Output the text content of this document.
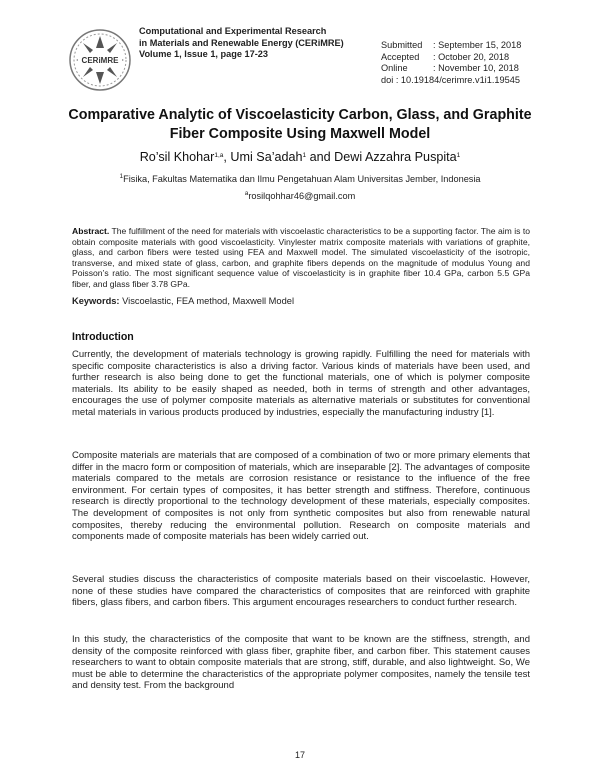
CERiMRE
Computational and Experimental Research
in Materials and Renewable Energy (CERiMRE)
Volume 1, Issue 1, page 17-23
Submitted	: September 15, 2018
Accepted	: October 20, 2018
Online	: November 10, 2018
doi : 10.19184/cerimre.v1i1.19545
Comparative Analytic of Viscoelasticity Carbon, Glass, and Graphite
Fiber Composite Using Maxwell Model
Ro’sil Khohar$^{1,a}$, Umi Sa’adah$^1$ and Dewi Azzahra Puspita$^1$
$^1$Fisika, Fakultas Matematika dan Ilmu Pengetahuan Alam Universitas Jember, Indonesia
$^a$rosilqohhar46@gmail.com
Abstract. The fulfillment of the need for materials with viscoelastic characteristics to be a supporting factor. The aim is to obtain composite materials with good viscoelasticity. Vinylester matrix composite materials with variations of graphite, glass, and carbon fibers were tested using FEA and Maxwell model. The simulated viscoelasticity of the isotropic, transverse, and mixed state of glass, carbon, and graphite fibers depends on the magnitude of modulus Young and Poisson’s ratio. The most significant sequence value of viscoelasticity is in graphite fiber 10.4 GPa, carbon 5.5 GPa fiber, and glass fiber 3.78 GPa.
Keywords: Viscoelastic, FEA method, Maxwell Model
Introduction

Currently, the development of materials technology is growing rapidly. Fulfilling the need for materials with specific composite characteristics is also a driving factor. Various kinds of materials have been used, and further research is also being done to get the functional materials, one of which is polymer composite materials. Its ability to be easily shaped as needed, both in terms of strength and other advantages, encourages the use of polymer composite materials as alternative materials or substitutes for conventional metal materials in various products produced by industries, especially the manufacturing industry [1].

Composite materials are materials that are composed of a combination of two or more primary elements that differ in the macro form or composition of materials, which are inseparable [2]. The advantages of composite materials compared to the metals are corrosion resistance or resistance to the influence of the free environment. For certain types of composites, it has better strength and stiffness. Therefore, continuous research is directly proportional to the technology development of these materials, especially composites. The development of composites is not only from synthetic composites but also from renewable natural composites, thereby reducing the environmental pollution. Research on composite materials and components made of composite materials has been widely carried out.

Several studies discuss the characteristics of composite materials based on their viscoelastic. However, none of these studies have compared the characteristics of composites that are reinforced with graphite fibers, glass fibers, and carbon fibers. This argument encourages researchers to conduct further research.

In this study, the characteristics of the composite that want to be known are the stiffness, strength, and density of the composite reinforced with glass fiber, graphite fiber, and carbon fiber. This statement causes researchers to want to obtain composite materials that are strong, stiff, durable, and also lightweight. So, We must be able to determine the characteristics of the appropriate polymer composites, namely the tensile test and density test. From the background

17
